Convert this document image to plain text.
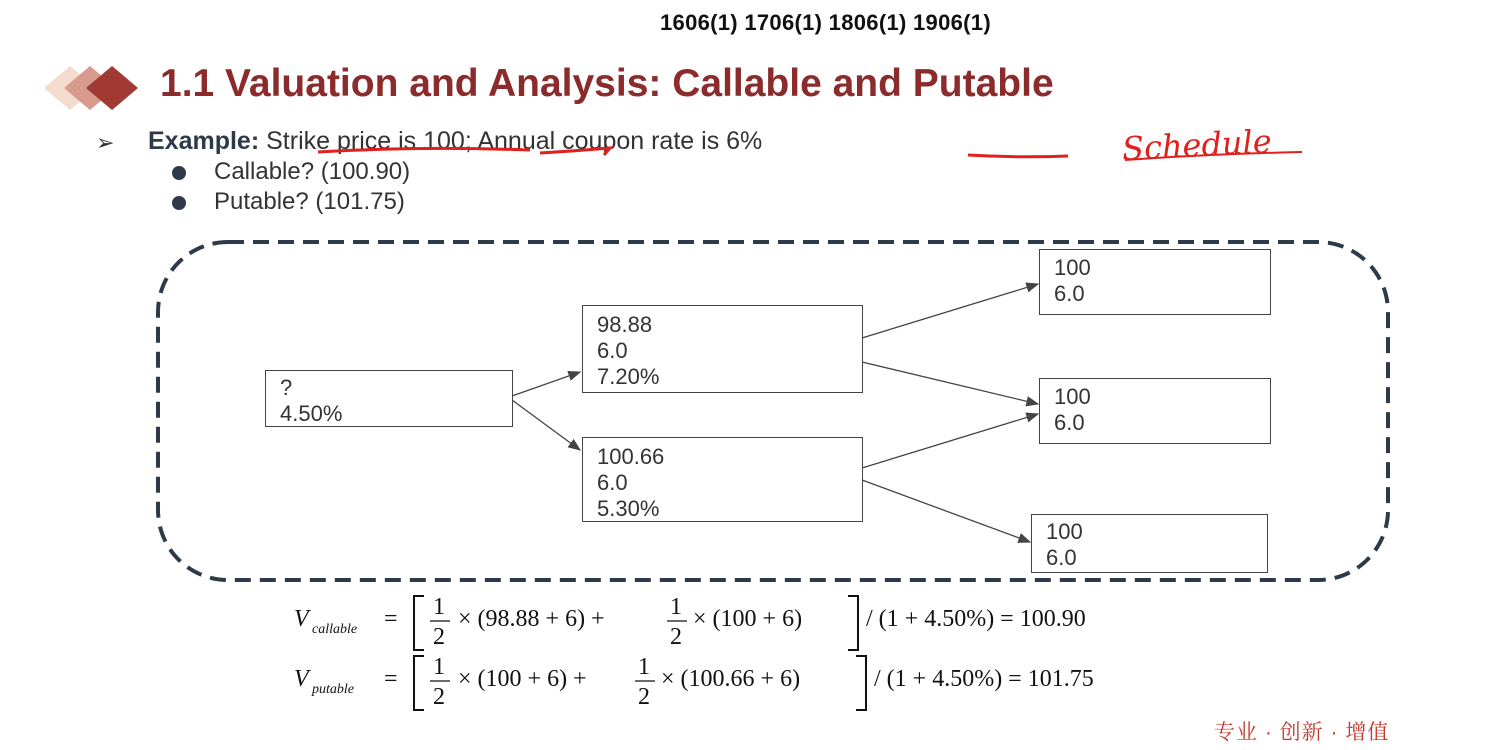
1606(1) 1706(1) 1806(1) 1906(1)
1.1 Valuation and Analysis: Callable and Putable
➢ Example: Strike price is 100; Annual coupon rate is 6%	Schedule
Callable? (100.90)
Putable? (101.75)
?
4.50%
98.88
6.0
7.20%
100.66
6.0
5.30%
100
6.0
100
6.0
100
6.0
V callable = 1
2
× (98.88 + 6) +	1
2
× (100 + 6)	/ (1 + 4.50%) = 100.90
V putable = 1
2
× (100 + 6) + 1
2
× (100.66 + 6)	/ (1 + 4.50%) = 101.75
专业 · 创新 · 增值
